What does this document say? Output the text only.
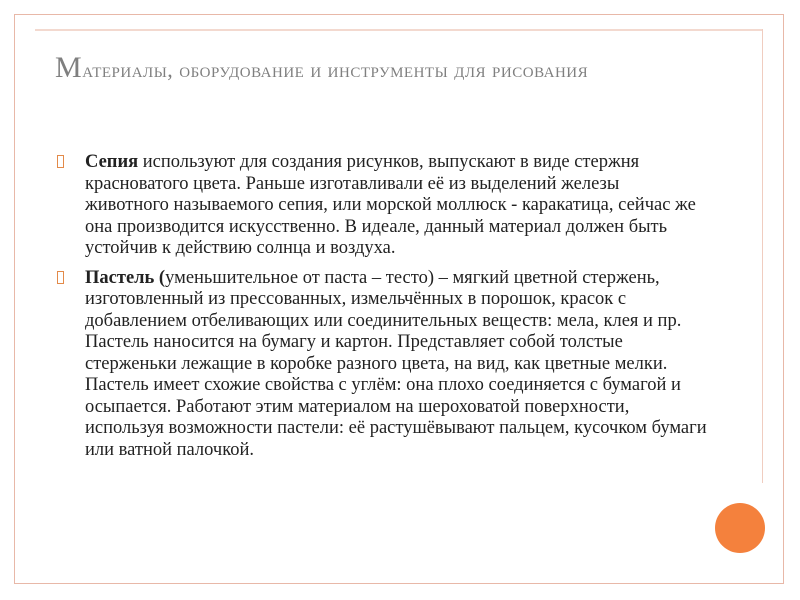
Материалы, оборудование и инструменты для рисования
Сепия используют для создания рисунков, выпускают в виде стержня красноватого цвета. Раньше изготавливали её из выделений железы животного называемого сепия, или морской моллюск - каракатица, сейчас же она производится искусственно. В идеале, данный материал должен быть устойчив к действию солнца и воздуха.
Пастель (уменьшительное от паста – тесто) – мягкий цветной стержень, изготовленный из прессованных, измельчённых в порошок, красок с добавлением отбеливающих или соединительных веществ: мела, клея и пр. Пастель наносится на бумагу и картон. Представляет собой толстые стерженьки лежащие в коробке разного цвета, на вид, как цветные мелки. Пастель имеет схожие свойства с углём: она плохо соединяется с бумагой и осыпается. Работают этим материалом на шероховатой поверхности, используя возможности пастели: её растушёвывают пальцем, кусочком бумаги или ватной палочкой.
